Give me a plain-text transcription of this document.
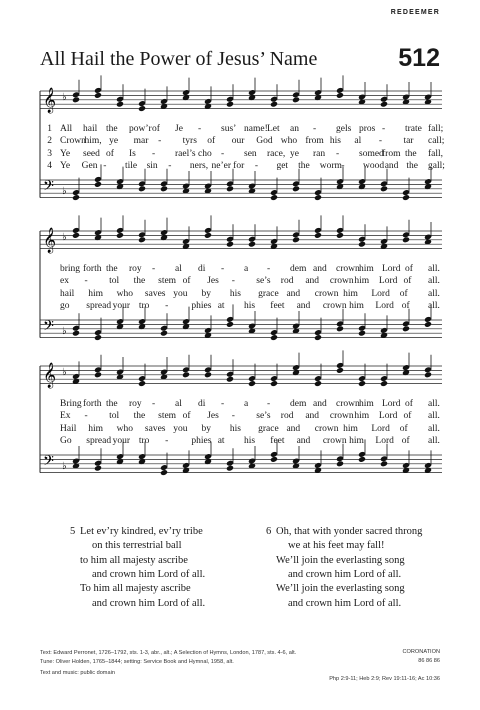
REDEEMER
All Hail the Power of Jesus’ Name	512
𝄞
𝄢
♭
♭
1 All hail the pow’r of Je - sus’ name! Let an - gels pros - trate fall;
2 Crown
him, ye mar - tyrs of our God who from his al - tar call;
3 Ye seed of Is - rael’s cho - sen race, ye ran - somed
from the fall,
4 Ye Gen - tile sin - ners, ne’er for - get the worm - wood and the gall;
𝄞
𝄢
♭
♭
bring forth the roy - al di - a - dem and crown him Lord of all.
ex - tol the stem of Jes - se’s rod and crown him Lord of all.
hail him who saves you by his grace and crown him Lord of all.
go spread your tro - phies at his feet and crown him Lord of all.
𝄞
𝄢
♭
♭
Bring forth the roy - al di - a - dem and crown him Lord of all.
Ex - tol the stem of Jes - se’s rod and crown him Lord of all.
Hail him who saves you by his grace and crown him Lord of all.
Go spread your tro - phies at his feet and crown him Lord of all.
5 Let ev’ry kindred, ev’ry tribe
on this terrestrial ball
to him all majesty ascribe
and crown him Lord of all.
To him all majesty ascribe
and crown him Lord of all.
6 Oh, that with yonder sacred throng
we at his feet may fall!
We’ll join the everlasting song
and crown him Lord of all.
We’ll join the everlasting song
and crown him Lord of all.
Text: Edward Perronet, 1726–1792, sts. 1-3, abr., alt.; A Selection of Hymns, London, 1787, sts. 4-6, alt.
Tune: Oliver Holden, 1765–1844; setting: Service Book and Hymnal, 1958, alt.
Text and music: public domain
CORONATION
86 86 86
Php 2:9-11; Heb 2:9; Rev 19:11-16; Ac 10:36
